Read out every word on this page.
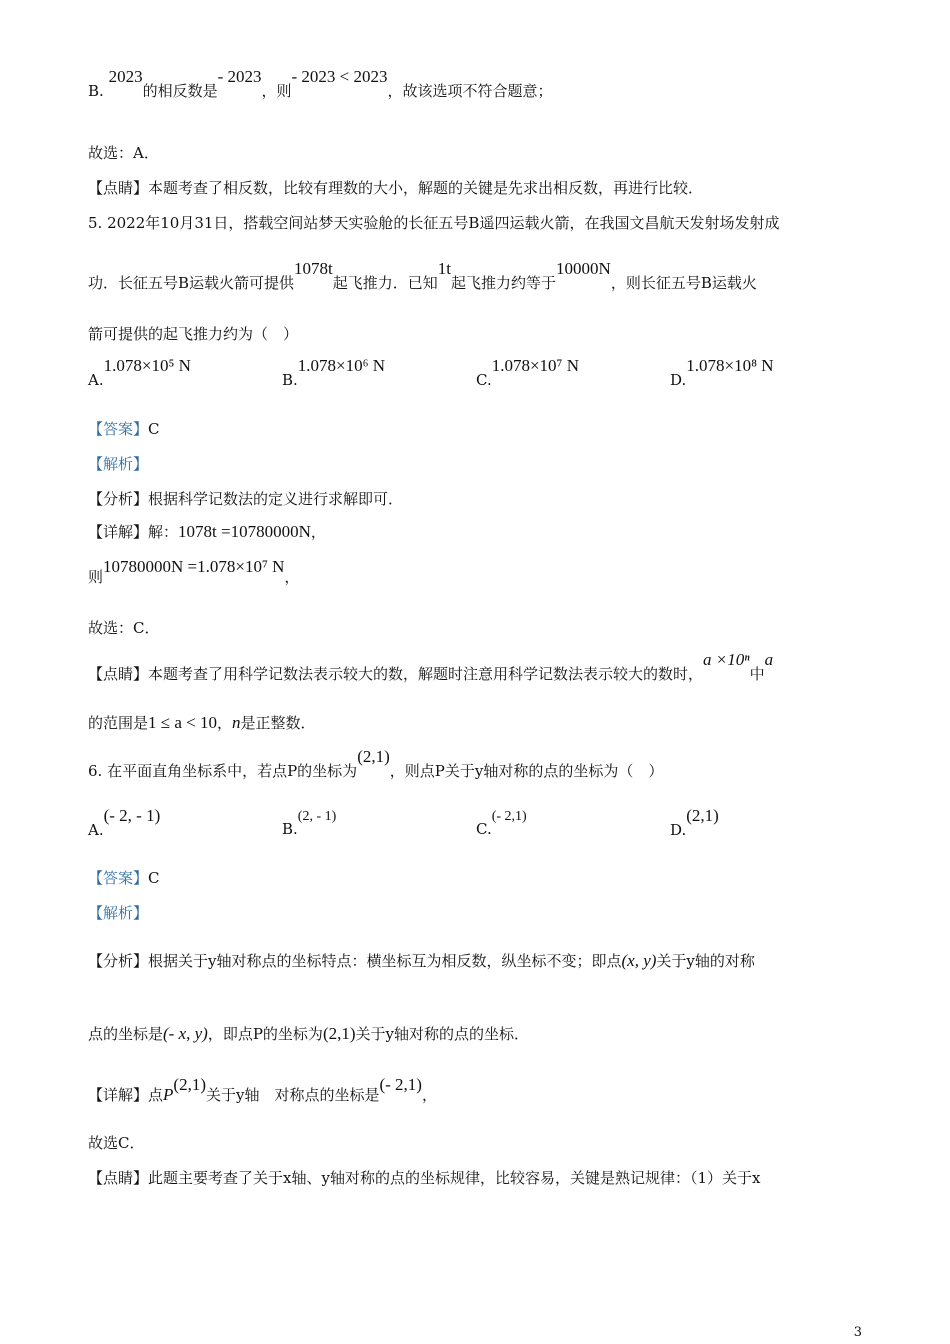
B. 2023的相反数是- 2023，则- 2023 < 2023，故该选项不符合题意；
故选：A．
【点睛】本题考查了相反数，比较有理数的大小，解题的关键是先求出相反数，再进行比较．
5. 2022年10月31日，搭载空间站梦天实验舱的长征五号B遥四运载火箭，在我国文昌航天发射场发射成
功．长征五号B运载火箭可提供1078t起飞推力．已知1t起飞推力约等于10000N，则长征五号B运载火
箭可提供的起飞推力约为（　）
A.1.078×10⁵ N
B.1.078×10⁶ N
C.1.078×10⁷ N
D.1.078×10⁸ N
【答案】C
【解析】
【分析】根据科学记数法的定义进行求解即可．
【详解】解：1078t =10780000N，
则10780000N =1.078×10⁷ N，
故选：C．
【点睛】本题考查了用科学记数法表示较大的数，解题时注意用科学记数法表示较大的数时，a ×10ⁿ中a
的范围是1 ≤ a < 10，n是正整数．
6. 在平面直角坐标系中，若点P的坐标为(2,1)，则点P关于y轴对称的点的坐标为（　）
A.(- 2, - 1)
B.(2, - 1)
C.(- 2,1)
D.(2,1)
【答案】C
【解析】
【分析】根据关于y轴对称点的坐标特点：横坐标互为相反数，纵坐标不变；即点(x, y)关于y轴的对称
点的坐标是(- x, y)，即点P的坐标为(2,1)关于y轴对称的点的坐标．
【详解】点P(2,1)关于y轴　对称点的坐标是(- 2,1)，
故选C．
【点睛】此题主要考查了关于x轴、y轴对称的点的坐标规律，比较容易，关键是熟记规律：（1）关于x
3
